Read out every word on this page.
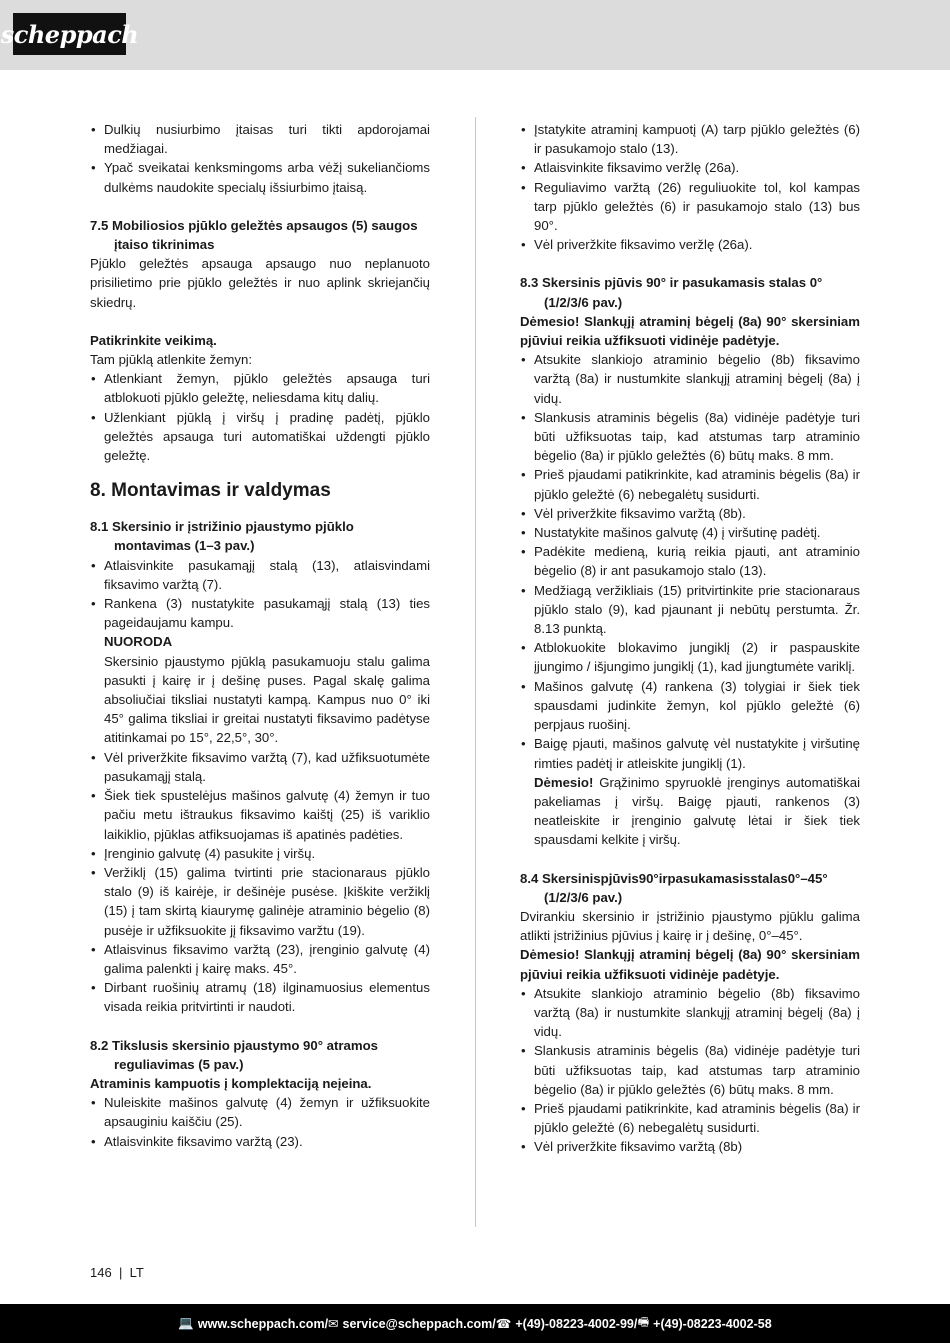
scheppach
• Dulkių nusiurbimo įtaisas turi tikti apdorojamai medžiagai.
• Ypač sveikatai kenksmingoms arba vėžį sukeliančioms dulkėms naudokite specialų išsiurbimo įtaisą.

7.5 Mobiliosios pjūklo geležtės apsaugos (5) saugos įtaiso tikrinimas

Pjūklo geležtės apsauga apsaugo nuo neplanuoto prisilietimo prie pjūklo geležtės ir nuo aplink skriejančių skiedrų.

Patikrinkite veikimą.

Tam pjūklą atlenkite žemyn:

• Atlenkiant žemyn, pjūklo geležtės apsauga turi atblokuoti pjūklo geležtę, neliesdama kitų dalių.
• Užlenkiant pjūklą į viršų į pradinę padėtį, pjūklo geležtės apsauga turi automatiškai uždengti pjūklo geležtę.

8. Montavimas ir valdymas

8.1 Skersinio ir įstrižinio pjaustymo pjūklo montavimas (1–3 pav.)

• Atlaisvinkite pasukamąjį stalą (13), atlaisvindami fiksavimo varžtą (7).
• Rankena (3) nustatykite pasukamąjį stalą (13) ties pageidaujamu kampu.

NUORODA

Skersinio pjaustymo pjūklą pasukamuoju stalu galima pasukti į kairę ir į dešinę puses. Pagal skalę galima absoliučiai tiksliai nustatyti kampą. Kampus nuo 0° iki 45° galima tiksliai ir greitai nustatyti fiksavimo padėtyse atitinkamai po 15°, 22,5°, 30°.

• Vėl priveržkite fiksavimo varžtą (7), kad užfiksuotumėte pasukamąjį stalą.
• Šiek tiek spustelėjus mašinos galvutę (4) žemyn ir tuo pačiu metu ištraukus fiksavimo kaištį (25) iš variklio laikiklio, pjūklas atfiksuojamas iš apatinės padėties.
• Įrenginio galvutę (4) pasukite į viršų.
• Veržiklį (15) galima tvirtinti prie stacionaraus pjūklo stalo (9) iš kairėje, ir dešinėje pusėse. Įkiškite veržiklį (15) į tam skirtą kiaurymę galinėje atraminio bėgelio (8) pusėje ir užfiksuokite jį fiksavimo varžtu (19).
• Atlaisvinus fiksavimo varžtą (23), įrenginio galvutę (4) galima palenkti į kairę maks. 45°.
• Dirbant ruošinių atramų (18) ilginamuosius elementus visada reikia pritvirtinti ir naudoti.

8.2 Tikslusis skersinio pjaustymo 90° atramos reguliavimas (5 pav.)

Atraminis kampuotis į komplektaciją neįeina.

• Nuleiskite mašinos galvutę (4) žemyn ir užfiksuokite apsauginiu kaiščiu (25).
• Atlaisvinkite fiksavimo varžtą (23).
• Įstatykite atraminį kampuotį (A) tarp pjūklo geležtės (6) ir pasukamojo stalo (13).
• Atlaisvinkite fiksavimo veržlę (26a).
• Reguliavimo varžtą (26) reguliuokite tol, kol kampas tarp pjūklo geležtės (6) ir pasukamojo stalo (13) bus 90°.
• Vėl priveržkite fiksavimo veržlę (26a).

8.3 Skersinis pjūvis 90° ir pasukamasis stalas 0° (1/2/3/6 pav.)

Dėmesio! Slankųjį atraminį bėgelį (8a) 90° skersiniam pjūviui reikia užfiksuoti vidinėje padėtyje.

• Atsukite slankiojo atraminio bėgelio (8b) fiksavimo varžtą (8a) ir nustumkite slankųjį atraminį bėgelį (8a) į vidų.
• Slankusis atraminis bėgelis (8a) vidinėje padėtyje turi būti užfiksuotas taip, kad atstumas tarp atraminio bėgelio (8a) ir pjūklo geležtės (6) būtų maks. 8 mm.
• Prieš pjaudami patikrinkite, kad atraminis bėgelis (8a) ir pjūklo geležtė (6) nebegalėtų susidurti.
• Vėl priveržkite fiksavimo varžtą (8b).
• Nustatykite mašinos galvutę (4) į viršutinę padėtį.
• Padėkite medieną, kurią reikia pjauti, ant atraminio bėgelio (8) ir ant pasukamojo stalo (13).
• Medžiagą veržikliais (15) pritvirtinkite prie stacionaraus pjūklo stalo (9), kad pjaunant ji nebūtų perstumta. Žr. 8.13 punktą.
• Atblokuokite blokavimo jungiklį (2) ir paspauskite įjungimo / išjungimo jungiklį (1), kad įjungtumėte variklį.
• Mašinos galvutę (4) rankena (3) tolygiai ir šiek tiek spausdami judinkite žemyn, kol pjūklo geležtė (6) perpjaus ruošinį.
• Baigę pjauti, mašinos galvutę vėl nustatykite į viršutinę rimties padėtį ir atleiskite jungiklį (1).

Dėmesio! Grąžinimo spyruoklė įrenginys automatiškai pakeliamas į viršų. Baigę pjauti, rankenos (3) neatleiskite ir įrenginio galvutę lėtai ir šiek tiek spausdami kelkite į viršų.

8.4 Skersinispjūvis90°irpasukamasisstalas0°–45° (1/2/3/6 pav.)

Dvirankiu skersinio ir įstrižinio pjaustymo pjūklu galima atlikti įstrižinius pjūvius į kairę ir į dešinę, 0°–45°.

Dėmesio! Slankųjį atraminį bėgelį (8a) 90° skersiniam pjūviui reikia užfiksuoti vidinėje padėtyje.

• Atsukite slankiojo atraminio bėgelio (8b) fiksavimo varžtą (8a) ir nustumkite slankųjį atraminį bėgelį (8a) į vidų.
• Slankusis atraminis bėgelis (8a) vidinėje padėtyje turi būti užfiksuotas taip, kad atstumas tarp atraminio bėgelio (8a) ir pjūklo geležtės (6) būtų maks. 8 mm.
• Prieš pjaudami patikrinkite, kad atraminis bėgelis (8a) ir pjūklo geležtė (6) nebegalėtų susidurti.
• Vėl priveržkite fiksavimo varžtą (8b)
146  |  LT
💻 www.scheppach.com / ✉ service@scheppach.com / ☎ +(49)-08223-4002-99 / 🖷 +(49)-08223-4002-58
